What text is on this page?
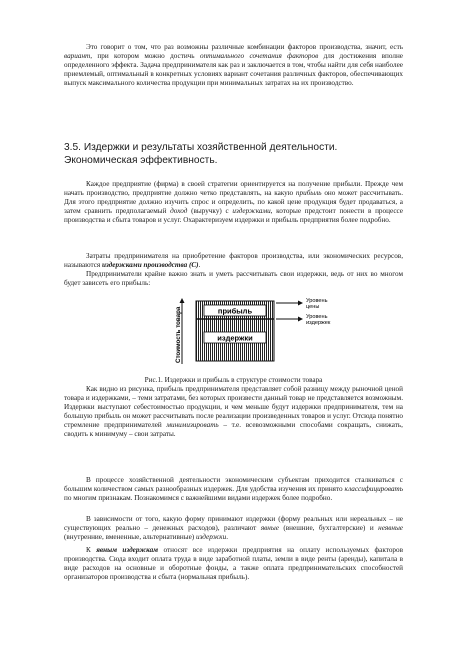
Это говорит о том, что раз возможны различные комбинации факторов производства, значит, есть вариант, при котором можно достичь оптимального сочетания факторов для достижения вполне определенного эффекта. Задача предпринимателя как раз и заключается в том, чтобы найти для себя наиболее приемлемый, оптимальный в конкретных условиях вариант сочетания различных факторов, обеспечивающих выпуск максимального количества продукции при минимальных затратах на их производство.

3.5. Издержки и результаты хозяйственной деятельности.
Экономическая эффективность.

Каждое предприятие (фирма) в своей стратегии ориентируется на получение прибыли. Прежде чем начать производство, предприятие должно четко представлять, на какую прибыль оно может рассчитывать. Для этого предприятие должно изучить спрос и определить, по какой цене продукция будет продаваться, а затем сравнить предполагаемый доход (выручку) с издержками, которые предстоит понести в процессе производства и сбыта товаров и услуг. Охарактеризуем издержки и прибыль предприятия более подробно.

Затраты предпринимателя на приобретение факторов производства, или экономических ресурсов, называются издержками производства (С).

Предприниматели крайне важно знать и уметь рассчитывать свои издержки, ведь от них во многом будет зависеть его прибыль:

Стоимость товара	прибыль
издержки
Уровень
цены
Уровень
издержек

Рис.1. Издержки и прибыль в структуре стоимости товара

Как видно из рисунка, прибыль предпринимателя представляет собой разницу между рыночной ценой товара и издержками, – теми затратами, без которых произвести данный товар не представляется возможным. Издержки выступают себестоимостью продукции, и чем меньше будут издержки предпринимателя, тем на большую прибыль он может рассчитывать после реализации произведенных товаров и услуг. Отсюда понятно стремление предпринимателей минимизировать – т.е. всевозможными способами сокращать, снижать, сводить к минимуму – свои затраты.

В процессе хозяйственной деятельности экономическим субъектам приходится сталкиваться с большим количеством самых разнообразных издержек. Для удобства изучения их принято классифицировать по многим признакам. Познакомимся с важнейшими видами издержек более подробно.

В зависимости от того, какую форму принимают издержки (форму реальных или нереальных – не существующих реально – денежных расходов), различают явные (внешние, бухгалтерские) и неявные (внутренние, вмененные, альтернативные) издержки.

К явным издержкам относят все издержки предприятия на оплату используемых факторов производства. Сюда входит оплата труда в виде заработной платы, земли в виде ренты (аренды), капитала в виде расходов на основные и оборотные фонды, а также оплата предпринимательских способностей организаторов производства и сбыта (нормальная прибыль).
